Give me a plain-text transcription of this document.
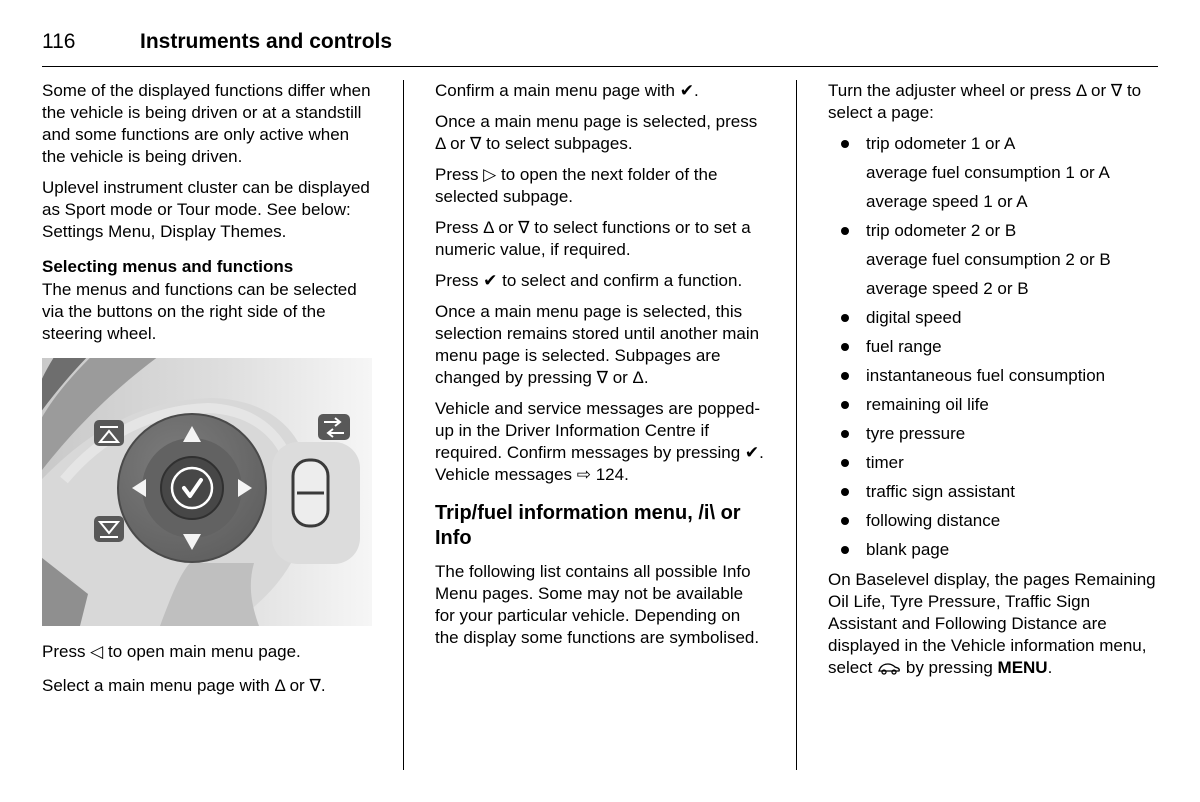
116	Instruments and controls

Some of the displayed functions differ when the vehicle is being driven or at a standstill and some functions are only active when the vehicle is being driven.

Uplevel instrument cluster can be displayed as Sport mode or Tour mode. See below: Settings Menu, Display Themes.

Selecting menus and functions

The menus and functions can be selected via the buttons on the right side of the steering wheel.

Press ◁ to open main menu page.

Select a main menu page with Δ or ∇.

Confirm a main menu page with ✔.

Once a main menu page is selected, press Δ or ∇ to select subpages.

Press ▷ to open the next folder of the selected subpage.

Press Δ or ∇ to select functions or to set a numeric value, if required.

Press ✔ to select and confirm a function.

Once a main menu page is selected, this selection remains stored until another main menu page is selected. Subpages are changed by pressing ∇ or Δ.

Vehicle and service messages are popped-up in the Driver Information Centre if required. Confirm messages by pressing ✔. Vehicle messages ⇨ 124.

Trip/fuel information menu, /i\ or Info

The following list contains all possible Info Menu pages. Some may not be available for your particular vehicle. Depending on the display some functions are symbolised.

Turn the adjuster wheel or press Δ or ∇ to select a page:

trip odometer 1 or A
average fuel consumption 1 or A
average speed 1 or A
trip odometer 2 or B
average fuel consumption 2 or B
average speed 2 or B
digital speed
fuel range
instantaneous fuel consumption
remaining oil life
tyre pressure
timer
traffic sign assistant
following distance
blank page

On Baselevel display, the pages Remaining Oil Life, Tyre Pressure, Traffic Sign Assistant and Following Distance are displayed in the Vehicle information menu, select  by pressing MENU.
